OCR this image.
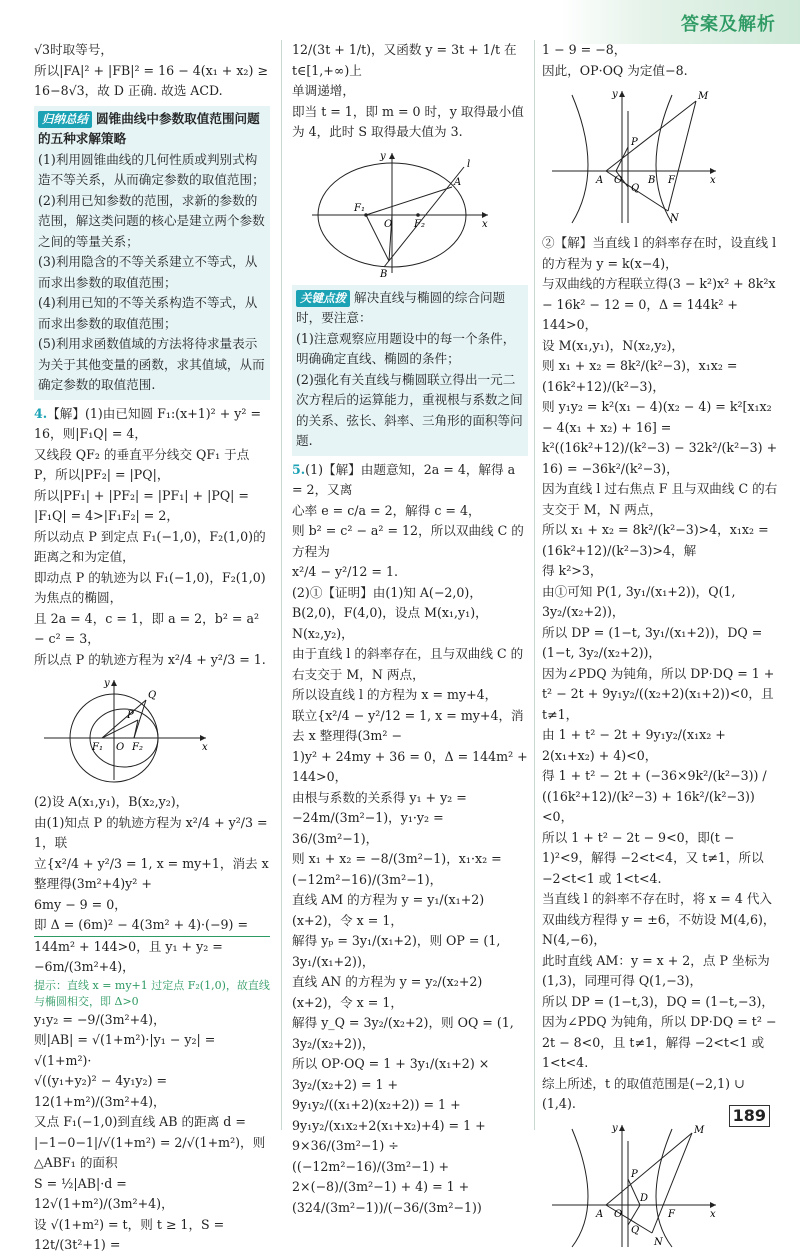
答案及解析

√3时取等号，

所以|FA|² + |FB|² = 16 − 4(x₁ + x₂) ≥

16−8√3，故 D 正确. 故选 ACD.

归纳总结 圆锥曲线中参数取值范围问题的五种求解策略

(1)利用圆锥曲线的几何性质或判别式构造不等关系，从而确定参数的取值范围；

(2)利用已知参数的范围，求新的参数的范围，解这类问题的核心是建立两个参数之间的等量关系；

(3)利用隐含的不等关系建立不等式，从而求出参数的取值范围；

(4)利用已知的不等关系构造不等式，从而求出参数的取值范围；

(5)利用求函数值域的方法将待求量表示为关于其他变量的函数，求其值域，从而确定参数的取值范围.

4.【解】(1)由已知圆 F₁:(x+1)² + y² = 16，则|F₁Q| = 4，

又线段 QF₂ 的垂直平分线交 QF₁ 于点P，所以|PF₂| = |PQ|，

所以|PF₁| + |PF₂| = |PF₁| + |PQ| = |F₁Q| = 4>|F₁F₂| = 2，

所以动点 P 到定点 F₁(−1,0)，F₂(1,0)的距离之和为定值，

即动点 P 的轨迹为以 F₁(−1,0)，F₂(1,0)为焦点的椭圆，

且 2a = 4，c = 1，即 a = 2，b² = a² − c² = 3，

所以点 P 的轨迹方程为 x²/4 + y²/3 = 1.

Q
P
F₁ O F₂	x
y

(2)设 A(x₁,y₁)，B(x₂,y₂)，

由(1)知点 P 的轨迹方程为 x²/4 + y²/3 = 1，联

立{x²/4 + y²/3 = 1, x = my+1，消去 x 整理得(3m²+4)y² +

6my − 9 = 0，

即 Δ = (6m)² − 4(3m² + 4)·(−9) =

144m² + 144>0，且 y₁ + y₂ = −6m/(3m²+4)，

提示：直线 x = my+1 过定点 F₂(1,0)，故直线与椭圆相交，即 Δ>0

y₁y₂ = −9/(3m²+4)，

则|AB| = √(1+m²)·|y₁ − y₂| = √(1+m²)·

√((y₁+y₂)² − 4y₁y₂) = 12(1+m²)/(3m²+4)，

又点 F₁(−1,0)到直线 AB 的距离 d =

|−1−0−1|/√(1+m²) = 2/√(1+m²)，则 △ABF₁ 的面积

S = ½|AB|·d = 12√(1+m²)/(3m²+4)，

设 √(1+m²) = t，则 t ≥ 1，S = 12t/(3t²+1) =

12/(3t + 1/t)，又函数 y = 3t + 1/t 在 t∈[1,+∞)上

单调递增，

即当 t = 1，即 m = 0 时，y 取得最小值为 4，此时 S 取得最大值为 3.

F₁
O F₂
A
B
l
x
y

关键点拨 解决直线与椭圆的综合问题时，要注意：

(1)注意观察应用题设中的每一个条件，明确确定直线、椭圆的条件；

(2)强化有关直线与椭圆联立得出一元二次方程后的运算能力，重视根与系数之间的关系、弦长、斜率、三角形的面积等问题.

5.(1)【解】由题意知，2a = 4，解得 a = 2，又离

心率 e = c/a = 2，解得 c = 4，

则 b² = c² − a² = 12，所以双曲线 C 的方程为

x²/4 − y²/12 = 1.

(2)①【证明】由(1)知 A(−2,0)，B(2,0)，F(4,0)，设点 M(x₁,y₁)，N(x₂,y₂)，

由于直线 l 的斜率存在，且与双曲线 C 的右支交于 M，N 两点，

所以设直线 l 的方程为 x = my+4，

联立{x²/4 − y²/12 = 1, x = my+4，消去 x 整理得(3m² −

1)y² + 24my + 36 = 0，Δ = 144m² + 144>0，

由根与系数的关系得 y₁ + y₂ = −24m/(3m²−1)，y₁·y₂ = 36/(3m²−1)，

则 x₁ + x₂ = −8/(3m²−1)，x₁·x₂ = (−12m²−16)/(3m²−1)，

直线 AM 的方程为 y = y₁/(x₁+2)(x+2)，令 x = 1，

解得 yₚ = 3y₁/(x₁+2)，则 OP = (1, 3y₁/(x₁+2))，

直线 AN 的方程为 y = y₂/(x₂+2)(x+2)，令 x = 1，

解得 y_Q = 3y₂/(x₂+2)，则 OQ = (1, 3y₂/(x₂+2))，

所以 OP·OQ = 1 + 3y₁/(x₁+2) × 3y₂/(x₂+2) = 1 +

9y₁y₂/((x₁+2)(x₂+2)) = 1 + 9y₁y₂/(x₁x₂+2(x₁+x₂)+4) = 1 +

9×36/(3m²−1) ÷ ((−12m²−16)/(3m²−1) + 2×(−8)/(3m²−1) + 4) = 1 + (324/(3m²−1))/(−36/(3m²−1))

1 − 9 = −8，

因此，OP·OQ 为定值−8.

M
P
Q
A O	B F
N
x
y

②【解】当直线 l 的斜率存在时，设直线 l 的方程为 y = k(x−4)，

与双曲线的方程联立得(3 − k²)x² + 8k²x − 16k² − 12 = 0，Δ = 144k² + 144>0，

设 M(x₁,y₁)，N(x₂,y₂)，

则 x₁ + x₂ = 8k²/(k²−3)，x₁x₂ = (16k²+12)/(k²−3)，

则 y₁y₂ = k²(x₁ − 4)(x₂ − 4) = k²[x₁x₂ − 4(x₁ + x₂) + 16] =

k²((16k²+12)/(k²−3) − 32k²/(k²−3) + 16) = −36k²/(k²−3)，

因为直线 l 过右焦点 F 且与双曲线 C 的右支交于 M，N 两点，

所以 x₁ + x₂ = 8k²/(k²−3)>4，x₁x₂ = (16k²+12)/(k²−3)>4，解

得 k²>3，

由①可知 P(1, 3y₁/(x₁+2))，Q(1, 3y₂/(x₂+2))，

所以 DP = (1−t, 3y₁/(x₁+2))，DQ = (1−t, 3y₂/(x₂+2))，

因为∠PDQ 为钝角，所以 DP·DQ = 1 +

t² − 2t + 9y₁y₂/((x₂+2)(x₁+2))<0，且 t≠1，

由 1 + t² − 2t + 9y₁y₂/(x₁x₂ + 2(x₁+x₂) + 4)<0，

得 1 + t² − 2t + (−36×9k²/(k²−3)) / ((16k²+12)/(k²−3) + 16k²/(k²−3))<0，

所以 1 + t² − 2t − 9<0，即(t − 1)²<9，解得 −2<t<4，又 t≠1，所以 −2<t<1 或 1<t<4.

当直线 l 的斜率不存在时，将 x = 4 代入双曲线方程得 y = ±6，不妨设 M(4,6)，N(4,−6)，

此时直线 AM：y = x + 2，点 P 坐标为(1,3)，同理可得 Q(1,−3)，

所以 DP = (1−t,3)，DQ = (1−t,−3)，

因为∠PDQ 为钝角，所以 DP·DQ = t² − 2t − 8<0，且 t≠1，解得 −2<t<1 或 1<t<4.

综上所述，t 的取值范围是(−2,1) ∪ (1,4).

M
P
Q
A O
D
F
N
x
y
189
